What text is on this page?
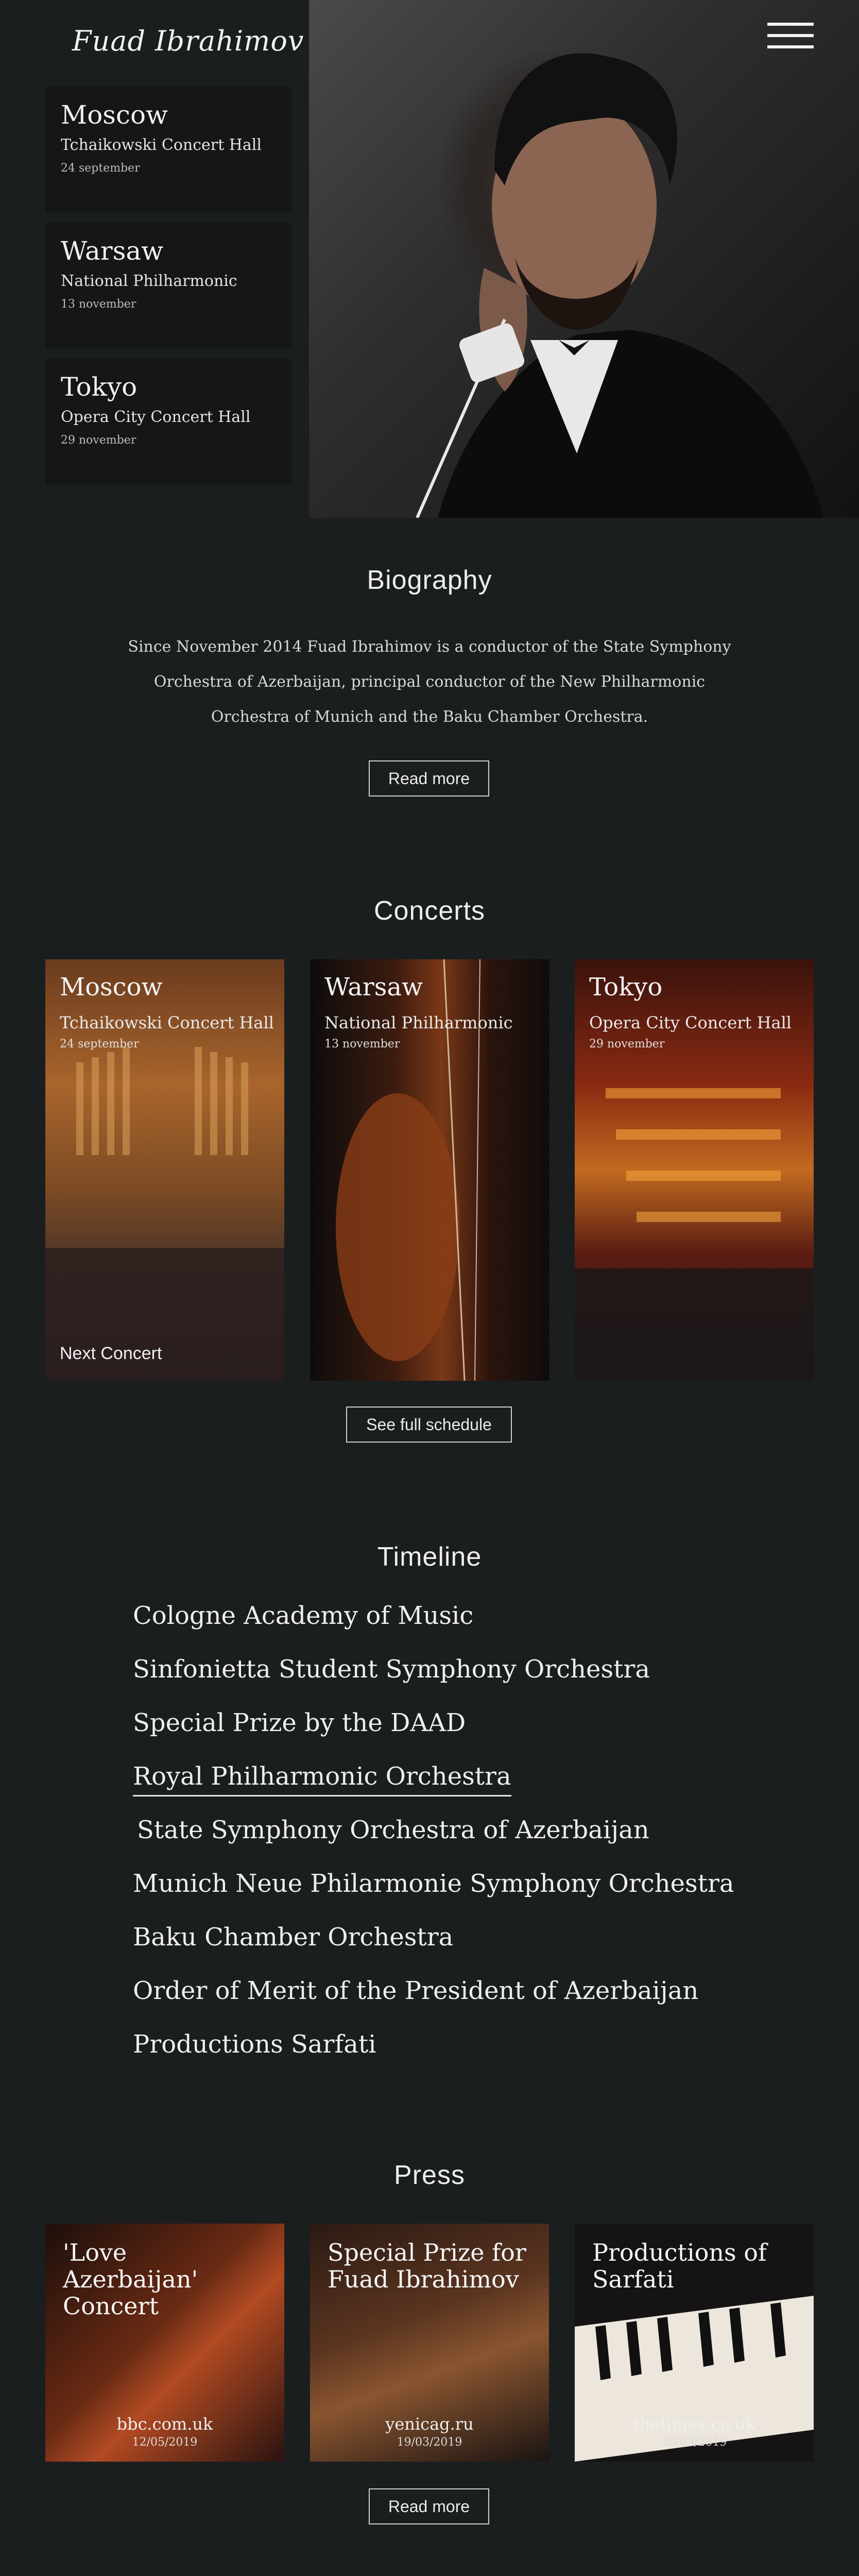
Fuad Ibrahimov
Moscow
Tchaikowski Concert Hall
24 september
Warsaw
National Philharmonic
13 november
Tokyo
Opera City Concert Hall
29 november
Biography
Since November 2014 Fuad Ibrahimov is a conductor of the State Symphony
Orchestra of Azerbaijan, principal conductor of the New Philharmonic
Orchestra of Munich and the Baku Chamber Orchestra.
Read more
Concerts
Moscow
Tchaikowski Concert Hall
24 september
Next Concert
Warsaw
National Philharmonic
13 november
Tokyo
Opera City Concert Hall
29 november
See full schedule
Timeline
Cologne Academy of Music
Sinfonietta Student Symphony Orchestra
Special Prize by the DAAD
Royal Philharmonic Orchestra
State Symphony Orchestra of Azerbaijan
Munich Neue Philarmonie Symphony Orchestra
Baku Chamber Orchestra
Order of Merit of the President of Azerbaijan
Productions Sarfati
Press
'Love Azerbaijan' Concert
bbc.com.uk
12/05/2019
Special Prize for Fuad Ibrahimov
yenicag.ru
19/03/2019
Productions of Sarfati
thetimes.co.uk
20/03/2019
Read more
